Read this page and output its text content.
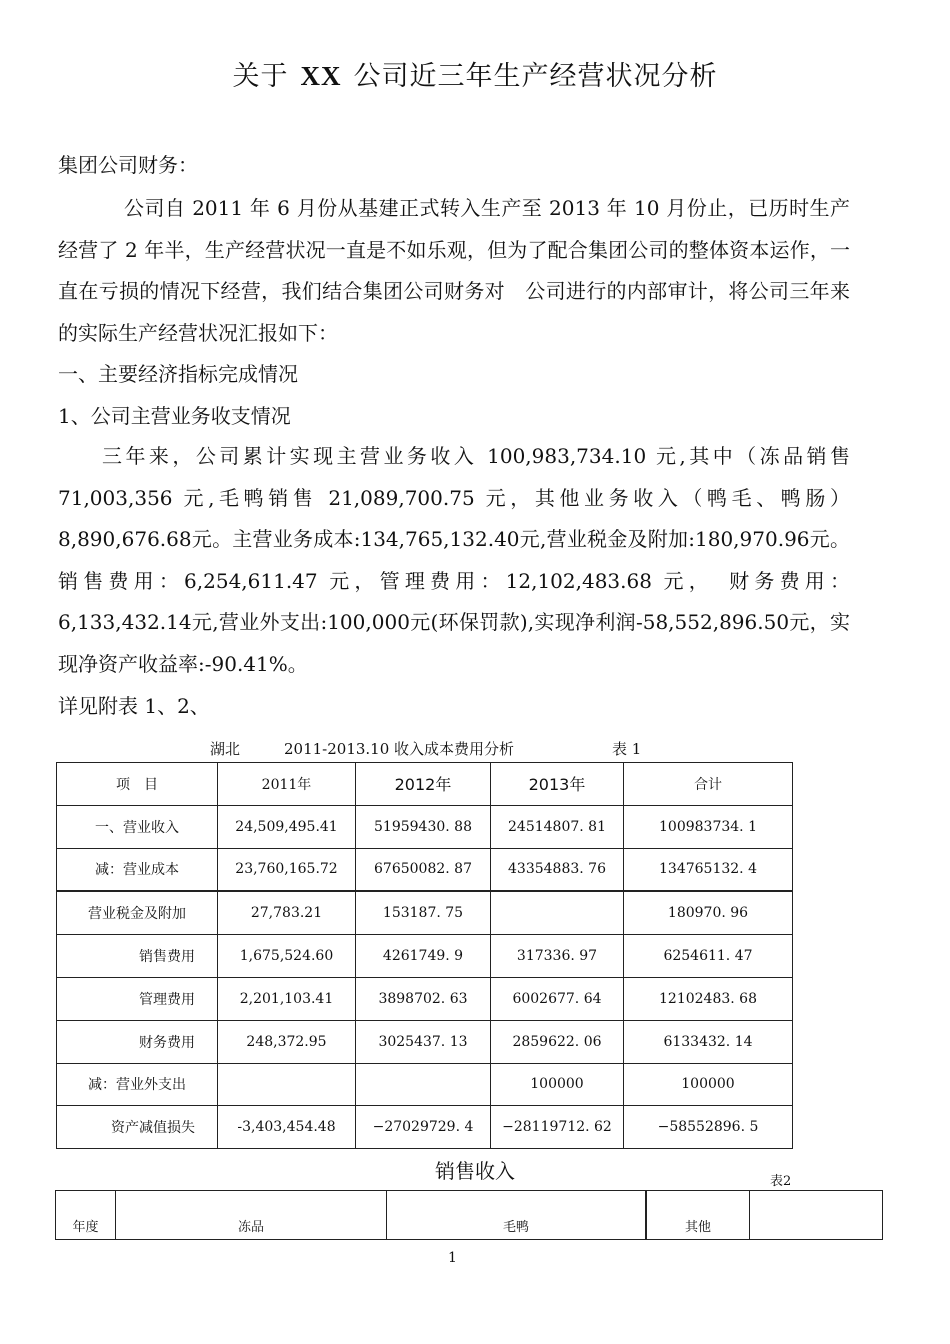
关于 XX 公司近三年生产经营状况分析
集团公司财务：
公司自 2011 年 6 月份从基建正式转入生产至 2013 年 10 月份止，已历时生产经营了 2 年半，生产经营状况一直是不如乐观，但为了配合集团公司的整体资本运作，一直在亏损的情况下经营，我们结合集团公司财务对　公司进行的内部审计，将公司三年来的实际生产经营状况汇报如下：
一、主要经济指标完成情况
1、公司主营业务收支情况
三年来，公司累计实现主营业务收入 100,983,734.10 元,其中（冻品销售 71,003,356 元,毛鸭销售 21,089,700.75 元，其他业务收入（鸭毛、鸭肠）8,890,676.68元。主营业务成本:134,765,132.40元,营业税金及附加:180,970.96元。销售费用：6,254,611.47 元，管理费用：12,102,483.68 元，　财务费用：6,133,432.14元,营业外支出:100,000元(环保罚款),实现净利润-58,552,896.50元，实现净资产收益率:-90.41%。
详见附表 1、2、
湖北	2011-2013.10 收入成本费用分析	表 1
项　目	2011年	2012年	2013年	合计
一、营业收入	24,509,495.41	51959430. 88	24514807. 81	100983734. 1
减：营业成本	23,760,165.72	67650082. 87	43354883. 76	134765132. 4
营业税金及附加	27,783.21	153187. 75		180970. 96
销售费用	1,675,524.60	4261749. 9	317336. 97	6254611. 47
管理费用	2,201,103.41	3898702. 63	6002677. 64	12102483. 68
财务费用	248,372.95	3025437. 13	2859622. 06	6133432. 14
减：营业外支出			100000	100000
资产减值损失	-3,403,454.48	−27029729. 4	−28119712. 62	−58552896. 5
销售收入	表2
年度	冻品	毛鸭	其他	
1
